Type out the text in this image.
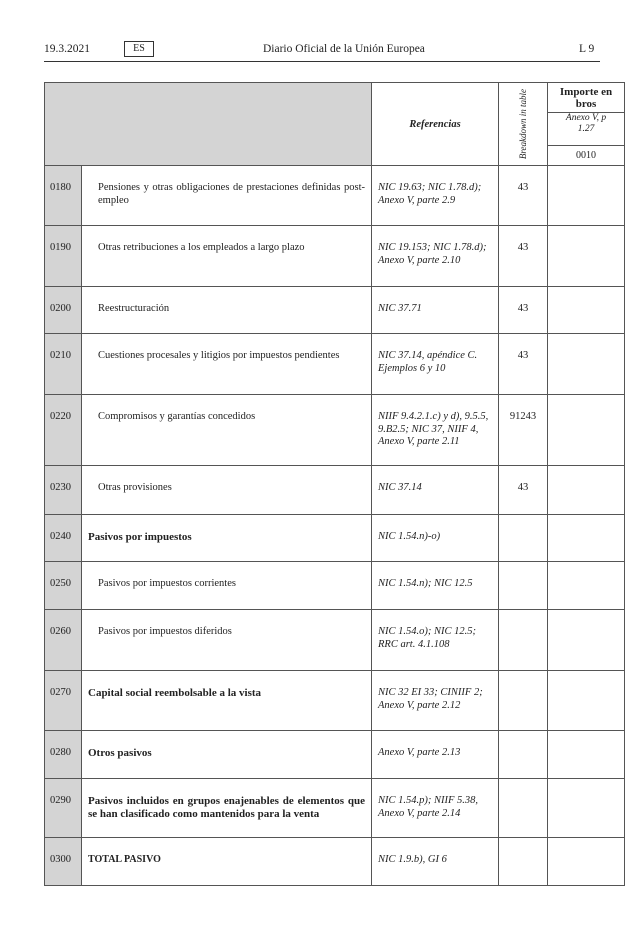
19.3.2021	ES	Diario Oficial de la Unión Europea	L 9
		Referencias	Breakdown in table	Importe en
bros
				Anexo V, p
1.27
				0010
0180	Pensiones y otras obligaciones de prestaciones definidas post-empleo	NIC 19.63; NIC 1.78.d); Anexo V, parte 2.9	43	
0190	Otras retribuciones a los empleados a largo plazo	NIC 19.153; NIC 1.78.d); Anexo V, parte 2.10	43	
0200	Reestructuración	NIC 37.71	43	
0210	Cuestiones procesales y litigios por impuestos pendientes	NIC 37.14, apéndice C. Ejemplos 6 y 10	43	
0220	Compromisos y garantías concedidos	NIIF 9.4.2.1.c) y d), 9.5.5, 9.B2.5; NIC 37, NIIF 4, Anexo V, parte 2.11	91243	
0230	Otras provisiones	NIC 37.14	43	
0240	Pasivos por impuestos	NIC 1.54.n)-o)		
0250	Pasivos por impuestos corrientes	NIC 1.54.n); NIC 12.5		
0260	Pasivos por impuestos diferidos	NIC 1.54.o); NIC 12.5; RRC art. 4.1.108		
0270	Capital social reembolsable a la vista	NIC 32 EI 33; CINIIF 2; Anexo V, parte 2.12		
0280	Otros pasivos	Anexo V, parte 2.13		
0290	Pasivos incluidos en grupos enajenables de elementos que se han clasificado como mantenidos para la venta	NIC 1.54.p); NIIF 5.38, Anexo V, parte 2.14		
0300	TOTAL PASIVO	NIC 1.9.b), GI 6		
